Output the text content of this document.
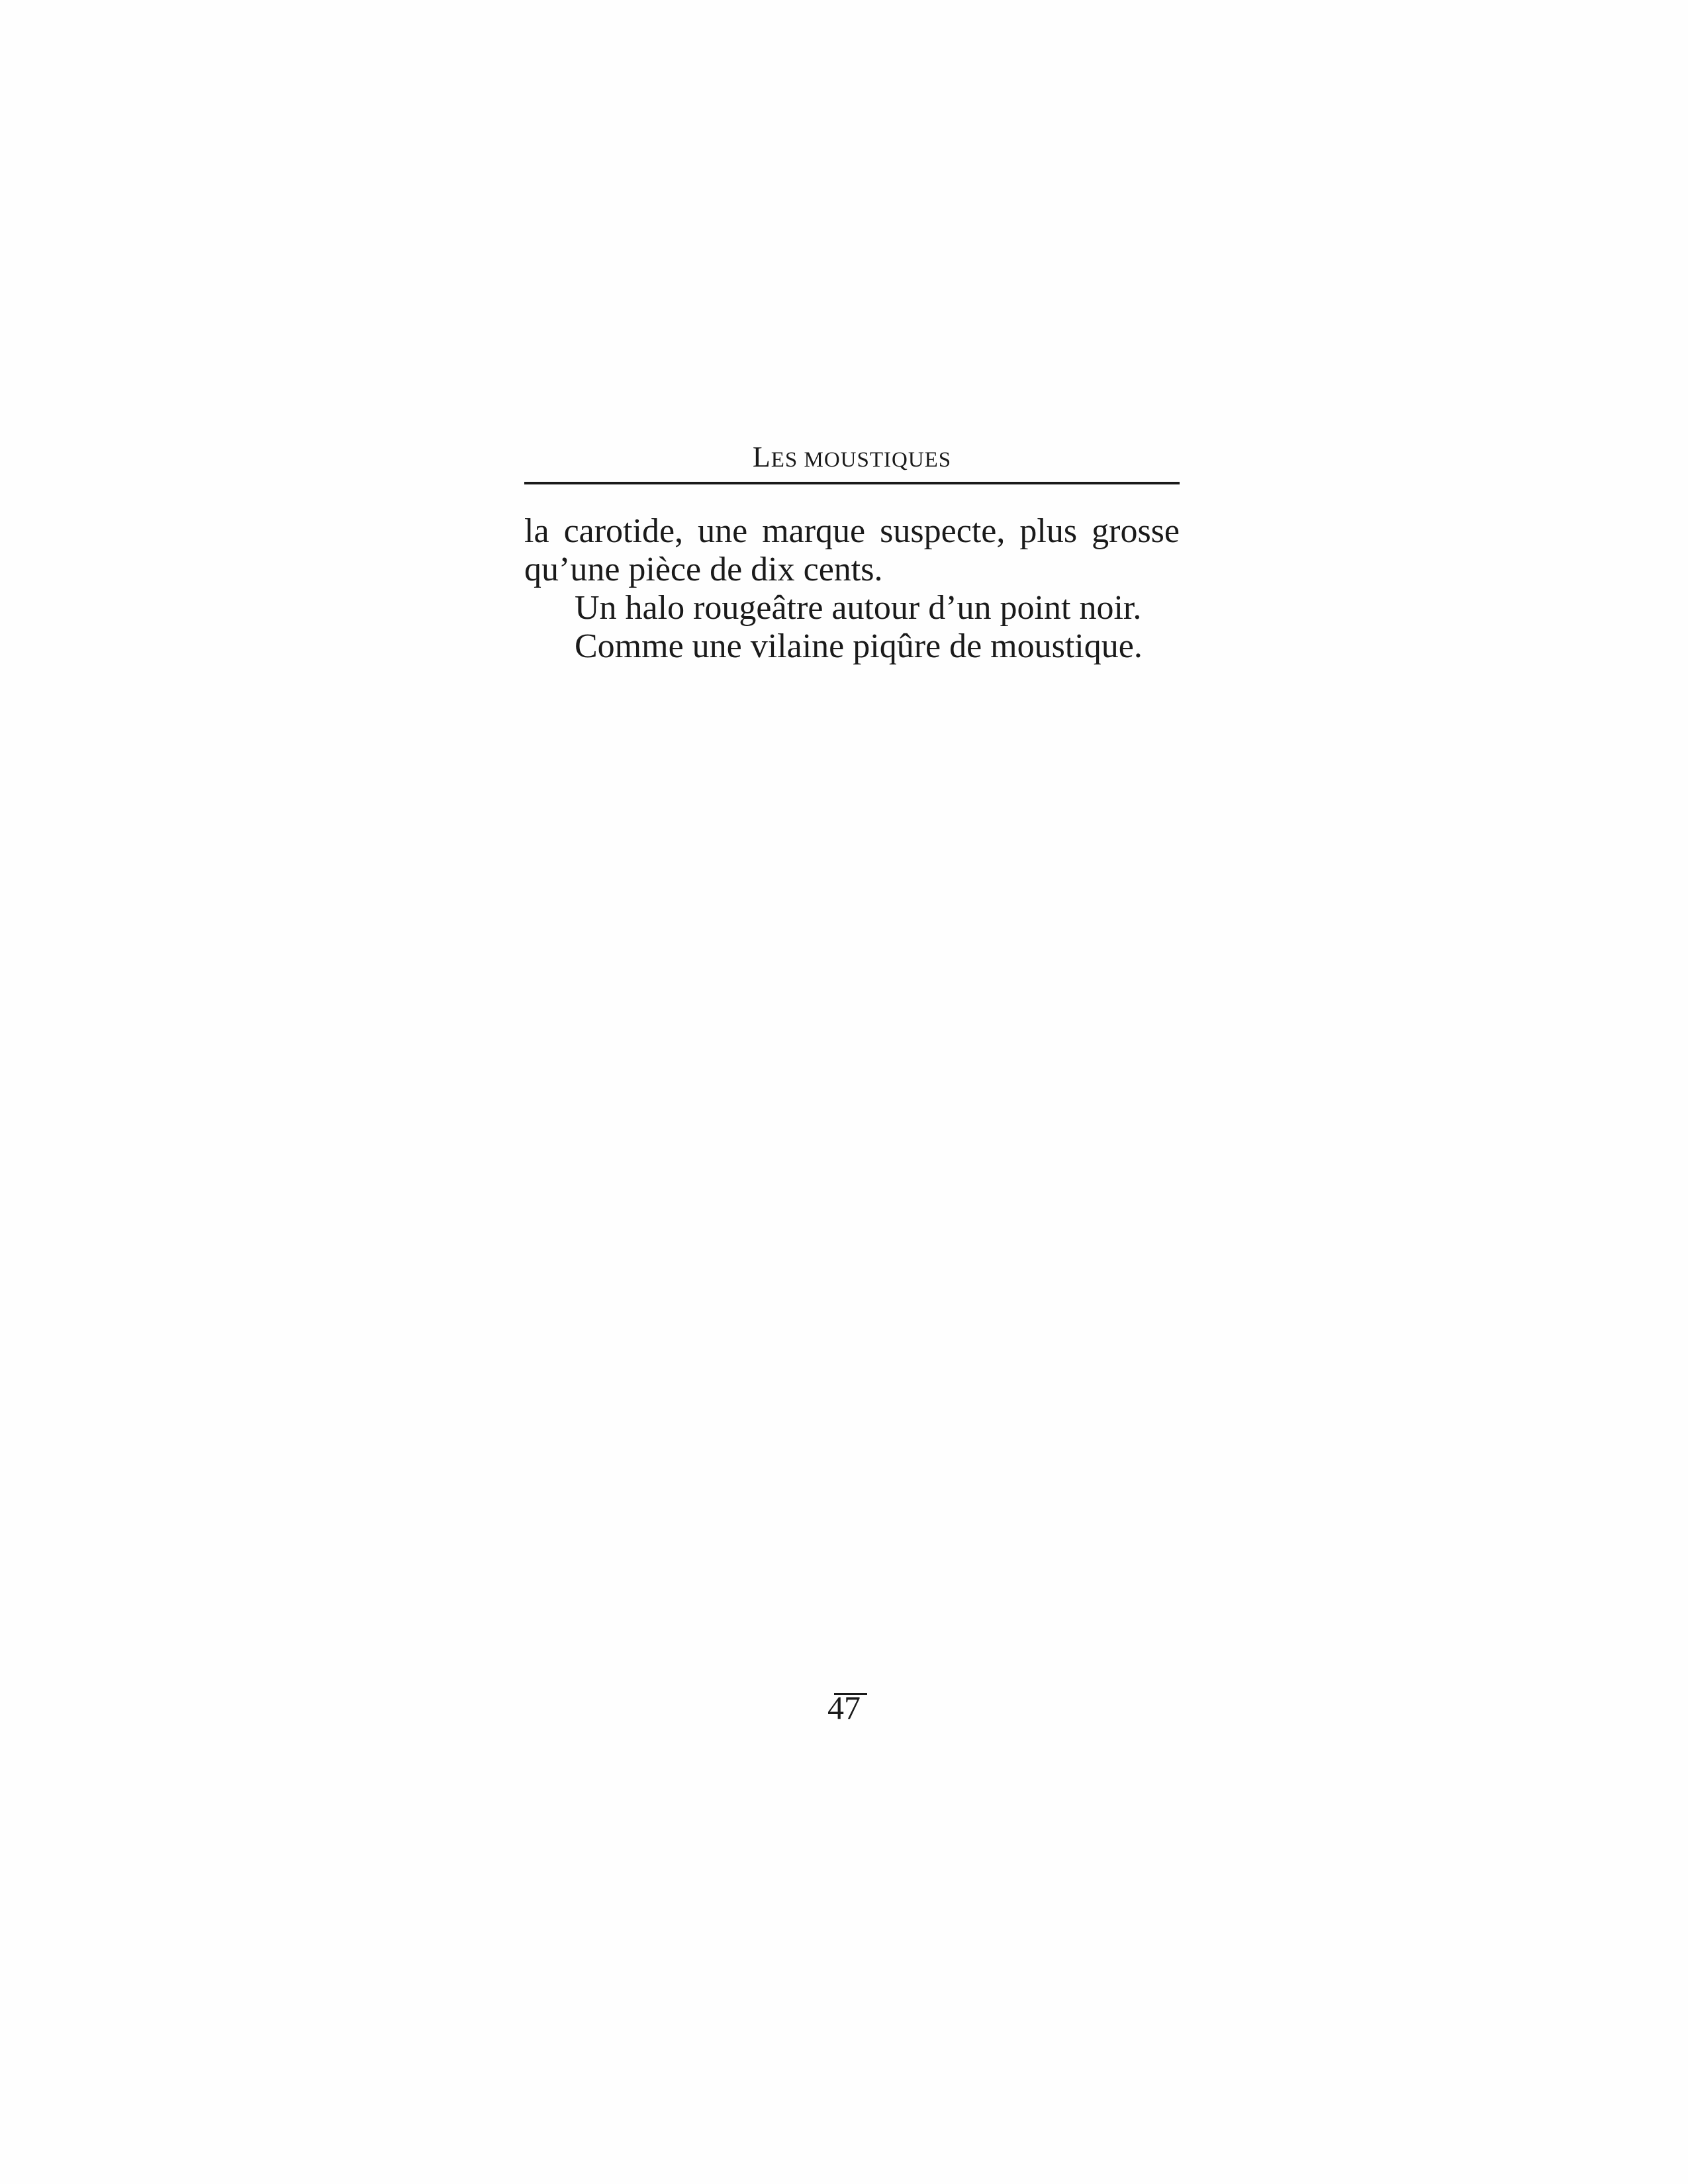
LES MOUSTIQUES

la carotide, une marque suspecte, plus grosse

qu’une pièce de dix cents.

Un halo rougeâtre autour d’un point noir.

Comme une vilaine piqûre de moustique.

47
